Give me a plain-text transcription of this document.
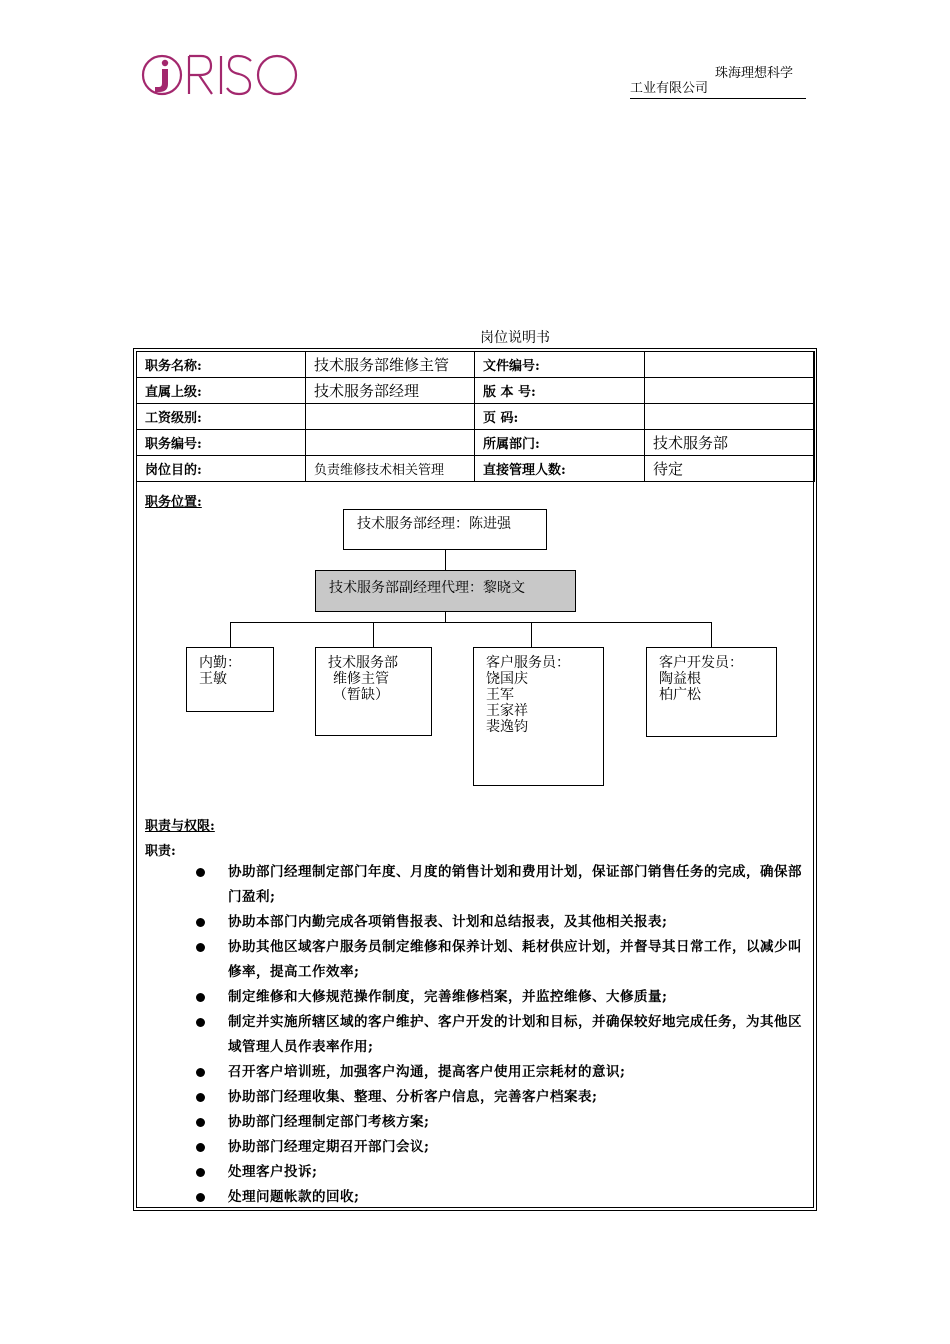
RISO
珠海理想科学
工业有限公司
岗位说明书
职务名称:	技术服务部维修主管	文件编号:	
直属上级:	技术服务部经理	版 本 号:	
工资级别:		页 码:	
职务编号:		所属部门:	技术服务部
岗位目的:	负责维修技术相关管理	直接管理人数:	待定
职务位置:
技术服务部经理：陈进强
技术服务部副经理代理：黎晓文
内勤：
王敏
技术服务部
维修主管
（暂缺）
客户服务员：
饶国庆
王军
王家祥
裴逸钧
客户开发员：
陶益根
柏广松
职责与权限:
职责:
协助部门经理制定部门年度、月度的销售计划和费用计划，保证部门销售任务的完成，确保部门盈利;
协助本部门内勤完成各项销售报表、计划和总结报表，及其他相关报表;
协助其他区域客户服务员制定维修和保养计划、耗材供应计划，并督导其日常工作，以减少叫修率，提高工作效率;
制定维修和大修规范操作制度，完善维修档案，并监控维修、大修质量;
制定并实施所辖区域的客户维护、客户开发的计划和目标，并确保较好地完成任务，为其他区域管理人员作表率作用;
召开客户培训班，加强客户沟通，提高客户使用正宗耗材的意识;
协助部门经理收集、整理、分析客户信息，完善客户档案表;
协助部门经理制定部门考核方案;
协助部门经理定期召开部门会议;
处理客户投诉;
处理问题帐款的回收;
